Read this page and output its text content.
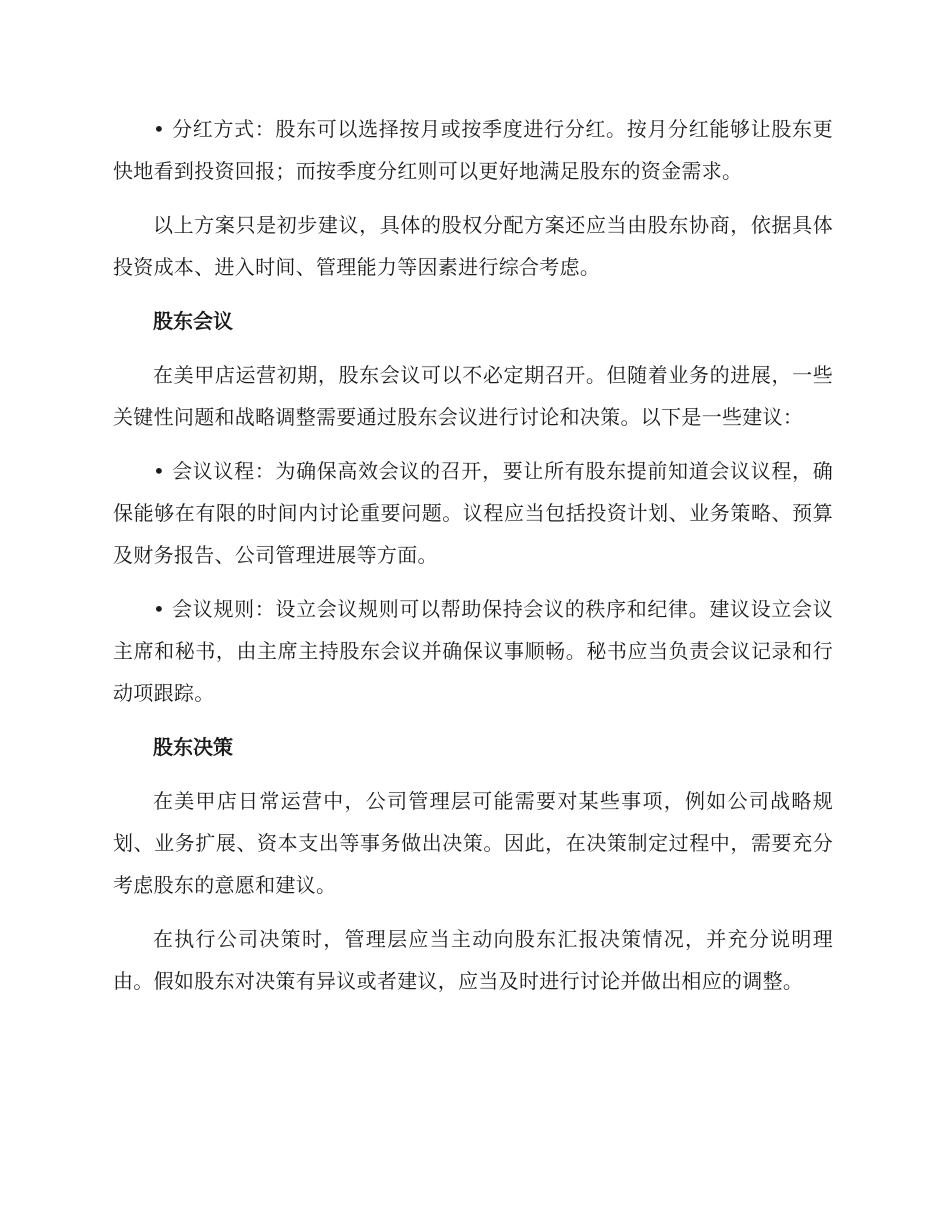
• 分红方式：股东可以选择按月或按季度进行分红。按月分红能够让股东更快地看到投资回报；而按季度分红则可以更好地满足股东的资金需求。

以上方案只是初步建议，具体的股权分配方案还应当由股东协商，依据具体投资成本、进入时间、管理能力等因素进行综合考虑。

股东会议

在美甲店运营初期，股东会议可以不必定期召开。但随着业务的进展，一些关键性问题和战略调整需要通过股东会议进行讨论和决策。以下是一些建议：

• 会议议程：为确保高效会议的召开，要让所有股东提前知道会议议程，确保能够在有限的时间内讨论重要问题。议程应当包括投资计划、业务策略、预算及财务报告、公司管理进展等方面。

• 会议规则：设立会议规则可以帮助保持会议的秩序和纪律。建议设立会议主席和秘书，由主席主持股东会议并确保议事顺畅。秘书应当负责会议记录和行动项跟踪。

股东决策

在美甲店日常运营中，公司管理层可能需要对某些事项，例如公司战略规划、业务扩展、资本支出等事务做出决策。因此，在决策制定过程中，需要充分考虑股东的意愿和建议。

在执行公司决策时，管理层应当主动向股东汇报决策情况，并充分说明理由。假如股东对决策有异议或者建议，应当及时进行讨论并做出相应的调整。
